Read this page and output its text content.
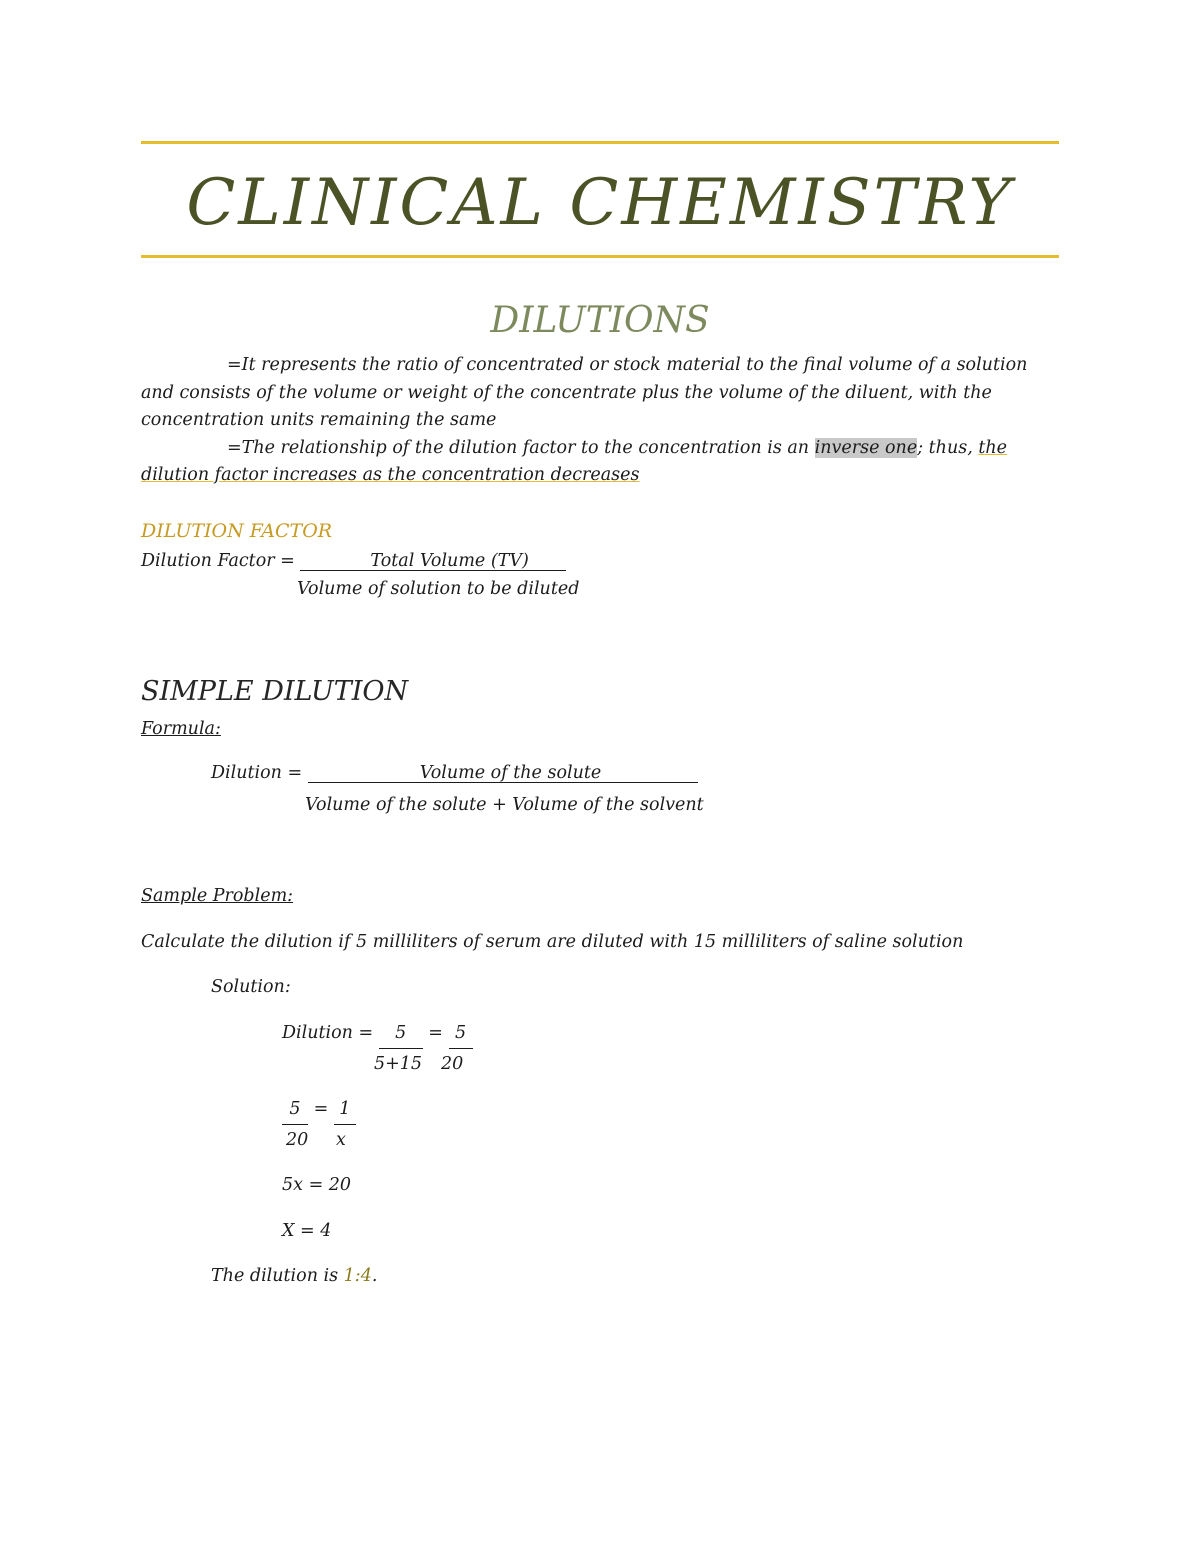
CLINICAL CHEMISTRY
DILUTIONS
=It represents the ratio of concentrated or stock material to the final volume of a solution and consists of the volume or weight of the concentrate plus the volume of the diluent, with the concentration units remaining the same
=The relationship of the dilution factor to the concentration is an inverse one; thus, the dilution factor increases as the concentration decreases
DILUTION FACTOR
Dilution Factor =	Total Volume (TV)
Volume of solution to be diluted
SIMPLE DILUTION
Formula:
Dilution =	Volume of the solute
Volume of the solute + Volume of the solvent
Sample Problem:
Calculate the dilution if 5 milliliters of serum are diluted with 15 milliliters of saline solution
Solution:
Dilution = 5 = 5
5+15 20
5 = 1
20 x
5x = 20
X = 4
The dilution is 1:4.
